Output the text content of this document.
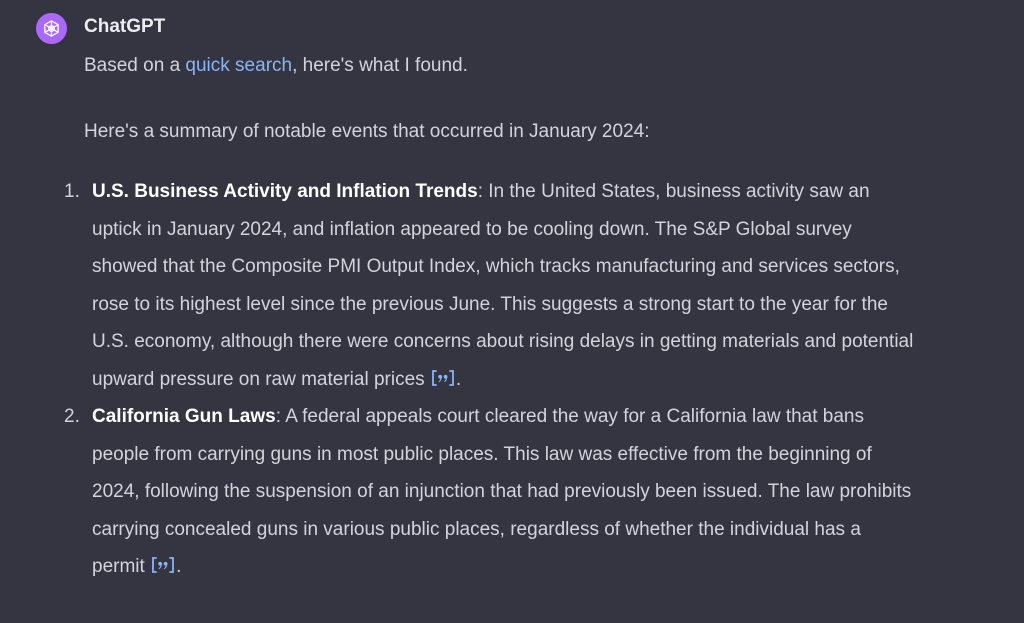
ChatGPT

Based on a quick search, here's what I found.

Here's a summary of notable events that occurred in January 2024:

1. U.S. Business Activity and Inflation Trends: In the United States, business activity saw an uptick in January 2024, and inflation appeared to be cooling down. The S&P Global survey showed that the Composite PMI Output Index, which tracks manufacturing and services sectors, rose to its highest level since the previous June. This suggests a strong start to the year for the U.S. economy, although there were concerns about rising delays in getting materials and potential upward pressure on raw material prices .
2. California Gun Laws: A federal appeals court cleared the way for a California law that bans people from carrying guns in most public places. This law was effective from the beginning of 2024, following the suspension of an injunction that had previously been issued. The law prohibits carrying concealed guns in various public places, regardless of whether the individual has a permit .
